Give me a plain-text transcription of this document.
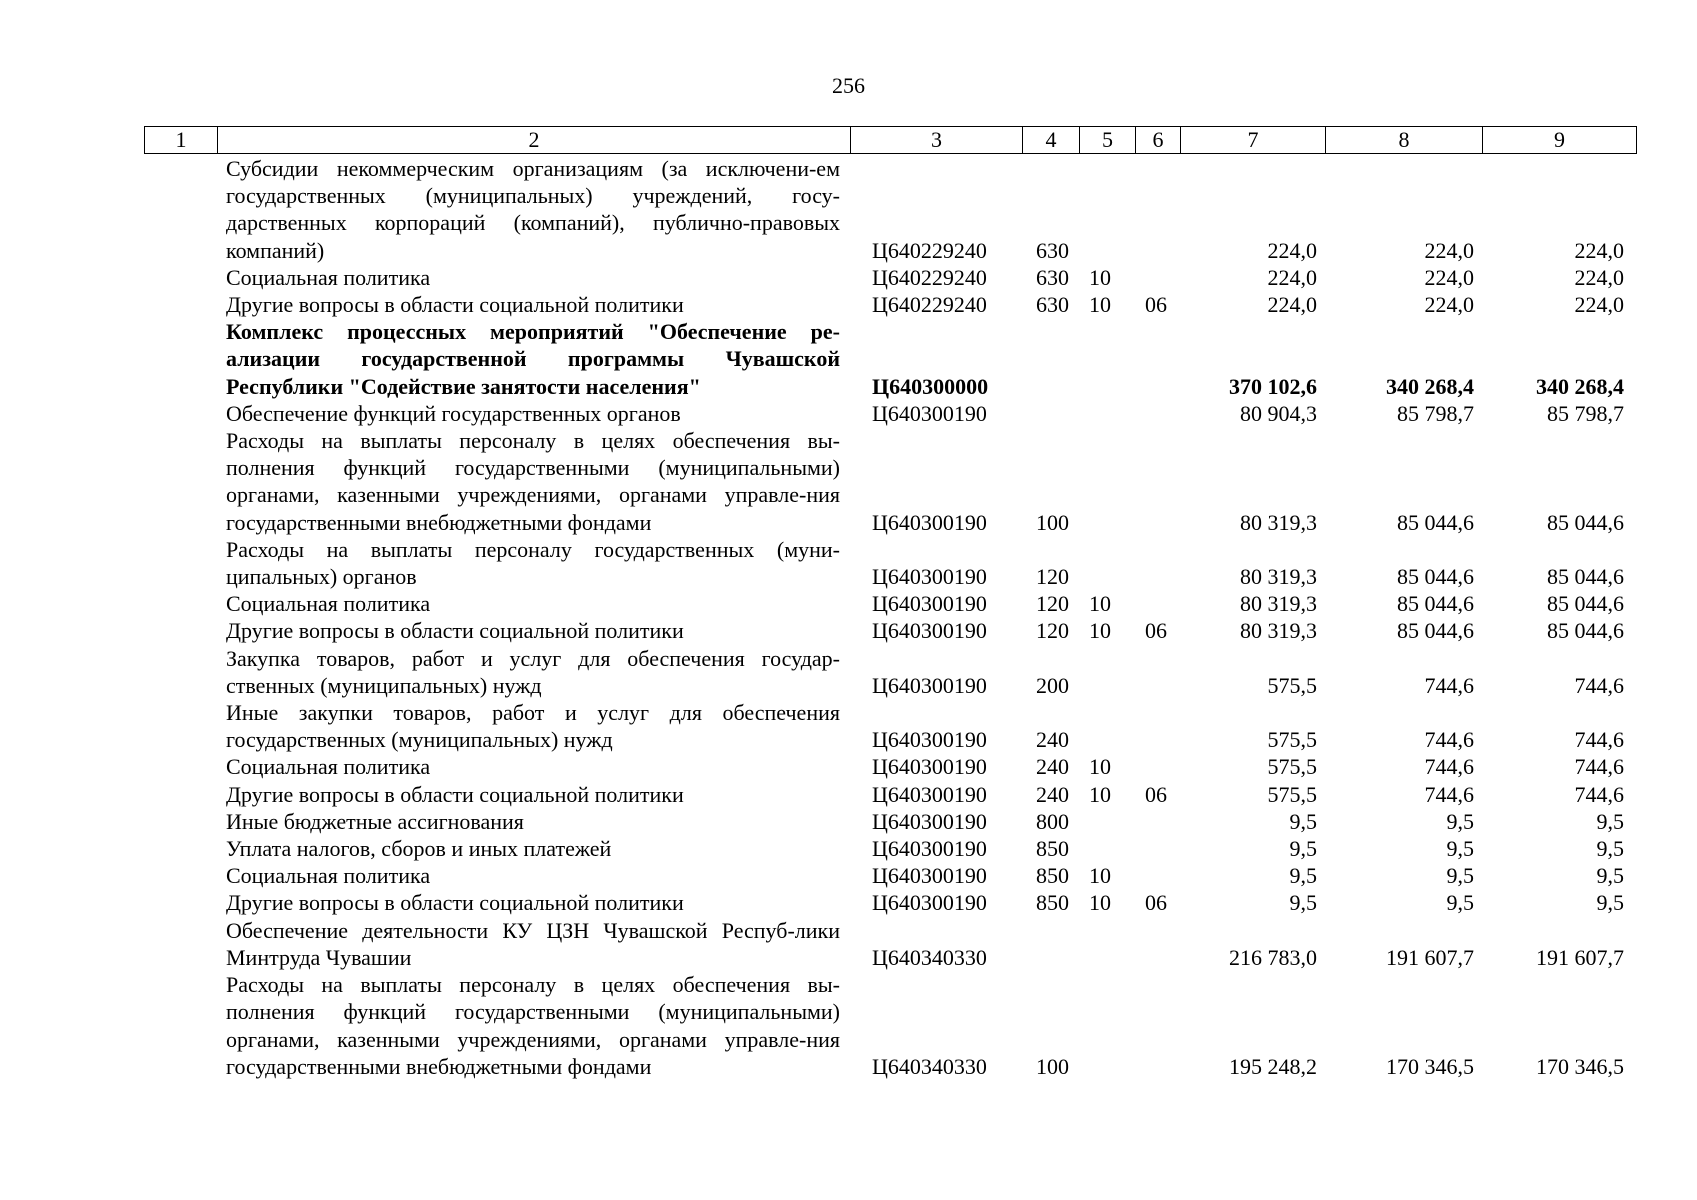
256
1	2	3	4	5	6	7	8	9
Субсидии некоммерческим организациям (за исключени-ем государственных (муниципальных) учреждений, госу-дарственных корпораций (компаний), публично-правовых компаний)	Ц640229240	630			224,0	224,0	224,0
Социальная политика	Ц640229240	630	10		224,0	224,0	224,0
Другие вопросы в области социальной политики	Ц640229240	630	10	06	224,0	224,0	224,0
Комплекс процессных мероприятий "Обеспечение ре-ализации государственной программы Чувашской Республики "Содействие занятости населения"	Ц640300000				370 102,6	340 268,4	340 268,4
Обеспечение функций государственных органов	Ц640300190				80 904,3	85 798,7	85 798,7
Расходы на выплаты персоналу в целях обеспечения вы-полнения функций государственными (муниципальными) органами, казенными учреждениями, органами управле-ния государственными внебюджетными фондами	Ц640300190	100			80 319,3	85 044,6	85 044,6
Расходы на выплаты персоналу государственных (муни-ципальных) органов	Ц640300190	120			80 319,3	85 044,6	85 044,6
Социальная политика	Ц640300190	120	10		80 319,3	85 044,6	85 044,6
Другие вопросы в области социальной политики	Ц640300190	120	10	06	80 319,3	85 044,6	85 044,6
Закупка товаров, работ и услуг для обеспечения государ-ственных (муниципальных) нужд	Ц640300190	200			575,5	744,6	744,6
Иные закупки товаров, работ и услуг для обеспечения государственных (муниципальных) нужд	Ц640300190	240			575,5	744,6	744,6
Социальная политика	Ц640300190	240	10		575,5	744,6	744,6
Другие вопросы в области социальной политики	Ц640300190	240	10	06	575,5	744,6	744,6
Иные бюджетные ассигнования	Ц640300190	800			9,5	9,5	9,5
Уплата налогов, сборов и иных платежей	Ц640300190	850			9,5	9,5	9,5
Социальная политика	Ц640300190	850	10		9,5	9,5	9,5
Другие вопросы в области социальной политики	Ц640300190	850	10	06	9,5	9,5	9,5
Обеспечение деятельности КУ ЦЗН Чувашской Респуб-лики Минтруда Чувашии	Ц640340330				216 783,0	191 607,7	191 607,7
Расходы на выплаты персоналу в целях обеспечения вы-полнения функций государственными (муниципальными) органами, казенными учреждениями, органами управле-ния государственными внебюджетными фондами	Ц640340330	100			195 248,2	170 346,5	170 346,5
